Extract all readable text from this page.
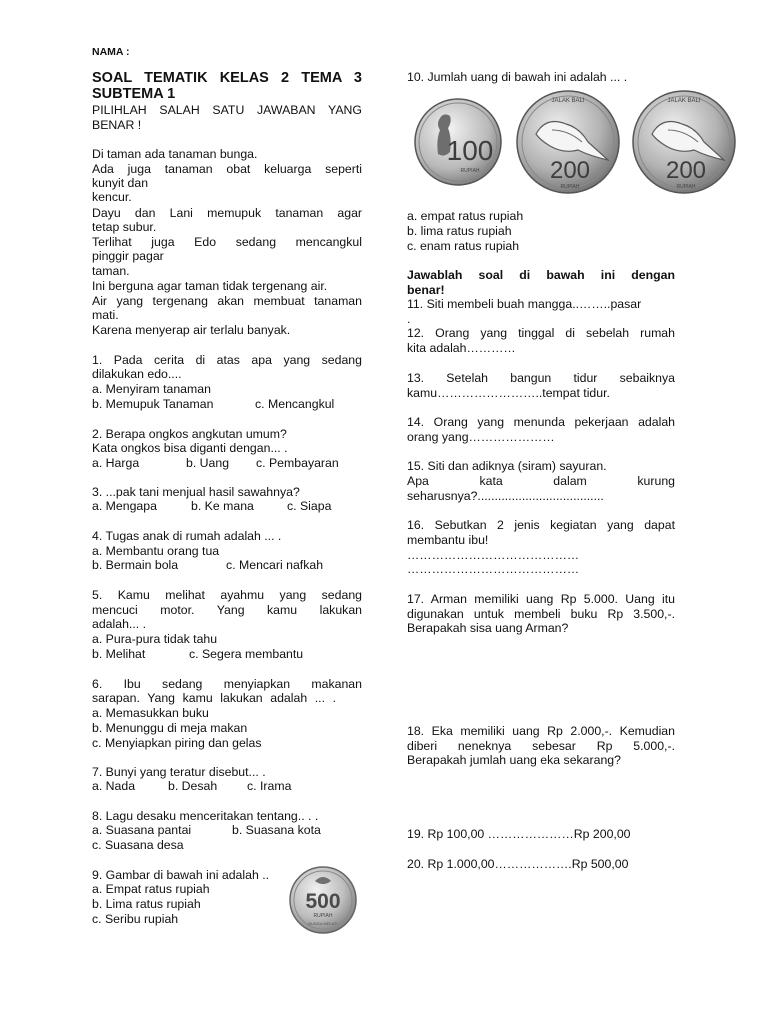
NAMA :
SOAL TEMATIK KELAS 2 TEMA 3
SUBTEMA 1
PILIHLAH SALAH SATU JAWABAN YANG
BENAR !
Di taman ada tanaman bunga.
Ada juga tanaman obat keluarga seperti
kunyit dan
kencur.
Dayu dan Lani memupuk tanaman agar
tetap subur.
Terlihat juga Edo sedang mencangkul
pinggir pagar
taman.
Ini berguna agar taman tidak tergenang air.
Air yang tergenang akan membuat tanaman
mati.
Karena menyerap air terlalu banyak.
1. Pada cerita di atas apa yang sedang
dilakukan edo....
a. Menyiram tanaman
b. Memupuk Tanaman	c. Mencangkul
2. Berapa ongkos angkutan umum?
Kata ongkos bisa diganti dengan... .
a. Harga	b. Uang c. Pembayaran
3. ...pak tani menjual hasil sawahnya?
a. Mengapa	b. Ke mana	c. Siapa
4. Tugas anak di rumah adalah ... .
a. Membantu orang tua
b. Bermain bola	c. Mencari nafkah
5. Kamu melihat ayahmu yang sedang
mencuci motor. Yang kamu lakukan
adalah... .
a. Pura-pura tidak tahu
b. Melihat	c. Segera membantu
6. Ibu sedang menyiapkan makanan
sarapan. Yang kamu lakukan adalah ... .
a. Memasukkan buku
b. Menunggu di meja makan
c. Menyiapkan piring dan gelas
7. Bunyi yang teratur disebut... .
a. Nada	b. Desah c. Irama
8. Lagu desaku menceritakan tentang.. . .
a. Suasana pantai	b. Suasana kota
c. Suasana desa
9. Gambar di bawah ini adalah ..
a. Empat ratus rupiah
b. Lima ratus rupiah
c. Seribu rupiah
500
RUPIAH
BUNGA MELATI
10. Jumlah uang di bawah ini adalah ... .
100
RUPIAH
JALAK BALI
200
RUPIAH
JALAK BALI
200
RUPIAH
a. empat ratus rupiah
b. lima ratus rupiah
c. enam ratus rupiah
Jawablah soal di bawah ini dengan
benar!
11. Siti membeli buah mangga..……..pasar
.
12. Orang yang tinggal di sebelah rumah
kita adalah…………
13. Setelah bangun tidur sebaiknya
kamu……………………..tempat tidur.
14. Orang yang menunda pekerjaan adalah
orang yang…………………
15. Siti dan adiknya (siram) sayuran.
Apa kata dalam kurung
seharusnya?.....................................
16. Sebutkan 2 jenis kegiatan yang dapat
membantu ibu!
……………………………………
……………………………………
17. Arman memiliki uang Rp 5.000. Uang itu
digunakan untuk membeli buku Rp 3.500,-.
Berapakah sisa uang Arman?
18. Eka memiliki uang Rp 2.000,-. Kemudian
diberi neneknya sebesar Rp 5.000,-.
Berapakah jumlah uang eka sekarang?
19. Rp 100,00 …………………Rp 200,00
20. Rp 1.000,00……………….Rp 500,00
